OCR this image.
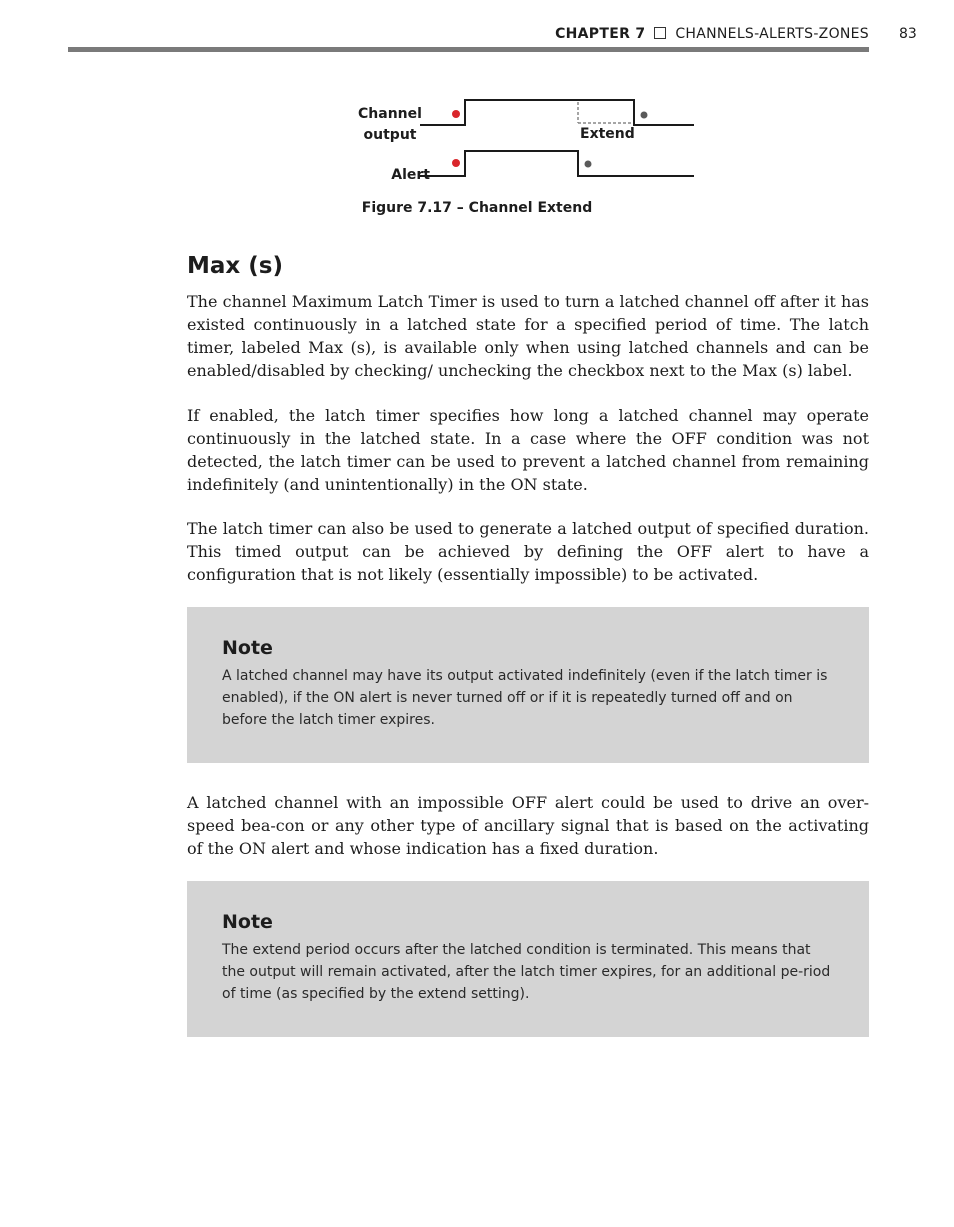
CHAPTER 7 CHANNELS-ALERTS-ZONES 83
Channel
output
Alert
Extend
Figure 7.17 – Channel Extend
Max (s)

The channel Maximum Latch Timer is used to turn a latched channel off after it has existed continuously in a latched state for a specified period of time. The latch timer, labeled Max (s), is available only when using latched channels and can be enabled/disabled by checking/ unchecking the checkbox next to the Max (s) label.

If enabled, the latch timer specifies how long a latched channel may operate continuously in the latched state. In a case where the OFF condition was not detected, the latch timer can be used to prevent a latched channel from remaining indefinitely (and unintentionally) in the ON state.

The latch timer can also be used to generate a latched output of specified duration. This timed output can be achieved by defining the OFF alert to have a configuration that is not likely (essentially impossible) to be activated.

Note

A latched channel may have its output activated indefinitely (even if the latch timer is enabled), if the ON alert is never turned off or if it is repeatedly turned off and on before the latch timer expires.

A latched channel with an impossible OFF alert could be used to drive an over-speed bea-con or any other type of ancillary signal that is based on the activating of the ON alert and whose indication has a fixed duration.

Note

The extend period occurs after the latched condition is terminated. This means that the output will remain activated, after the latch timer expires, for an additional pe-riod of time (as specified by the extend setting).
